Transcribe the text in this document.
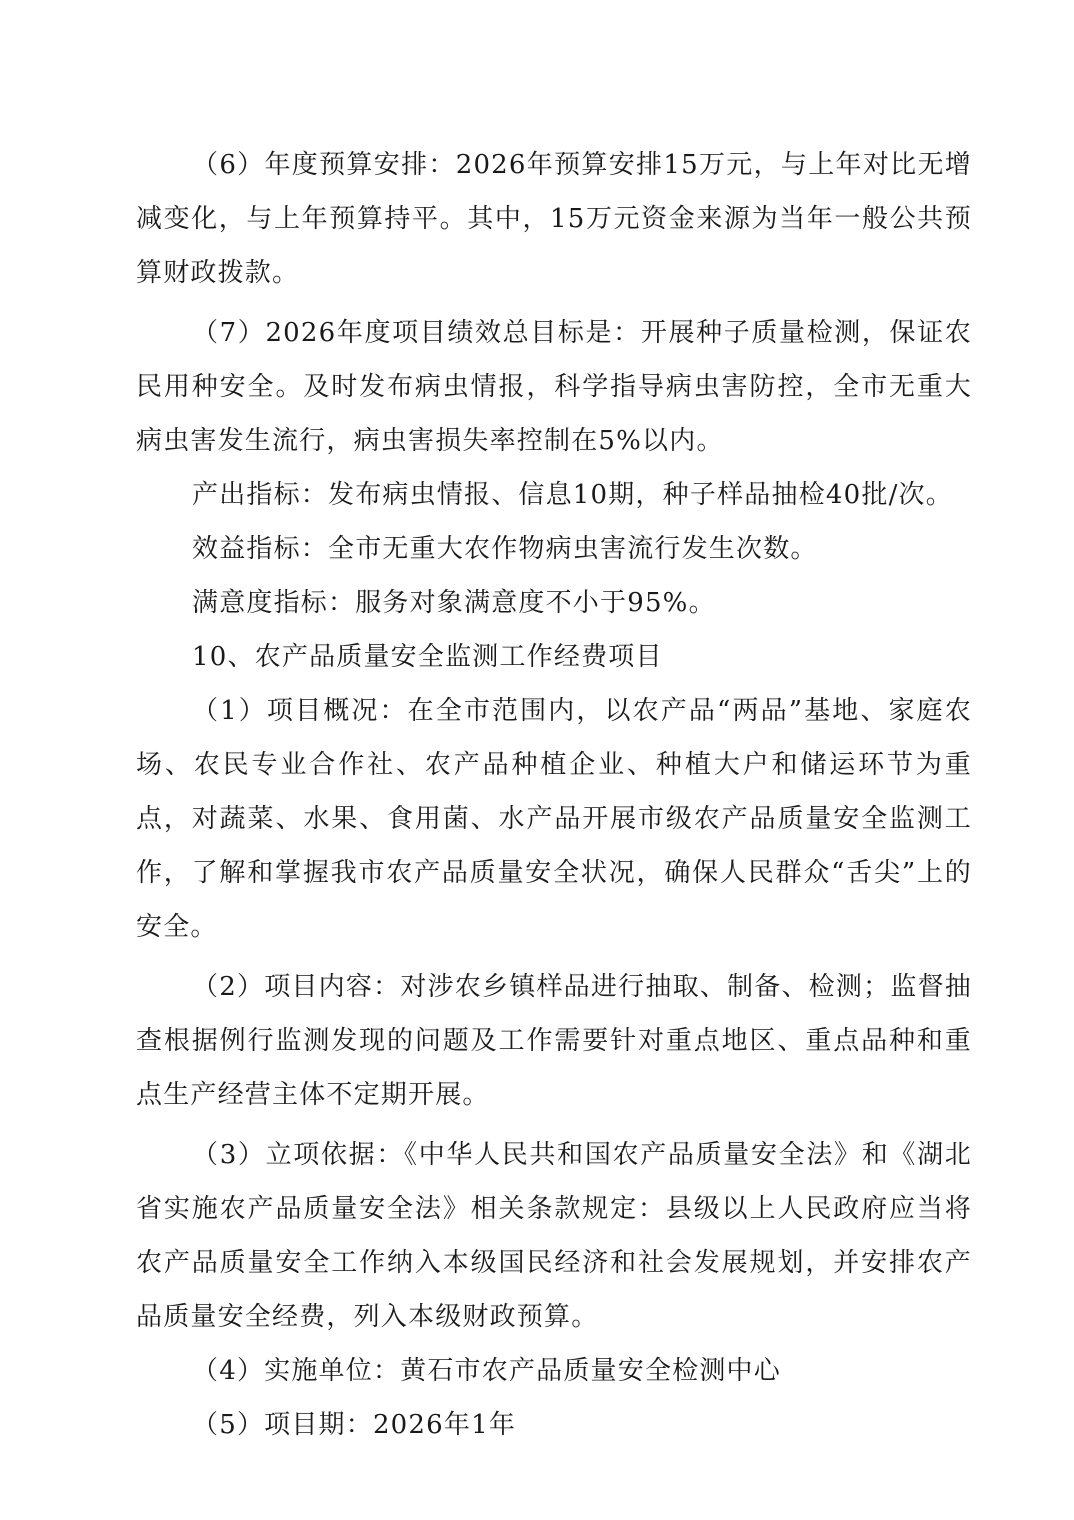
（6）年度预算安排：2026年预算安排15万元，与上年对比无增减变化，与上年预算持平。其中，15万元资金来源为当年一般公共预算财政拨款。

（7）2026年度项目绩效总目标是：开展种子质量检测，保证农民用种安全。及时发布病虫情报，科学指导病虫害防控，全市无重大病虫害发生流行，病虫害损失率控制在5%以内。

产出指标：发布病虫情报、信息10期，种子样品抽检40批/次。

效益指标：全市无重大农作物病虫害流行发生次数。

满意度指标：服务对象满意度不小于95%。

10、农产品质量安全监测工作经费项目

（1）项目概况：在全市范围内，以农产品“两品”基地、家庭农场、农民专业合作社、农产品种植企业、种植大户和储运环节为重点，对蔬菜、水果、食用菌、水产品开展市级农产品质量安全监测工作，了解和掌握我市农产品质量安全状况，确保人民群众“舌尖”上的安全。

（2）项目内容：对涉农乡镇样品进行抽取、制备、检测；监督抽查根据例行监测发现的问题及工作需要针对重点地区、重点品种和重点生产经营主体不定期开展。

（3）立项依据：《中华人民共和国农产品质量安全法》和《湖北省实施农产品质量安全法》相关条款规定：县级以上人民政府应当将农产品质量安全工作纳入本级国民经济和社会发展规划，并安排农产品质量安全经费，列入本级财政预算。

（4）实施单位：黄石市农产品质量安全检测中心

（5）项目期：2026年1年
